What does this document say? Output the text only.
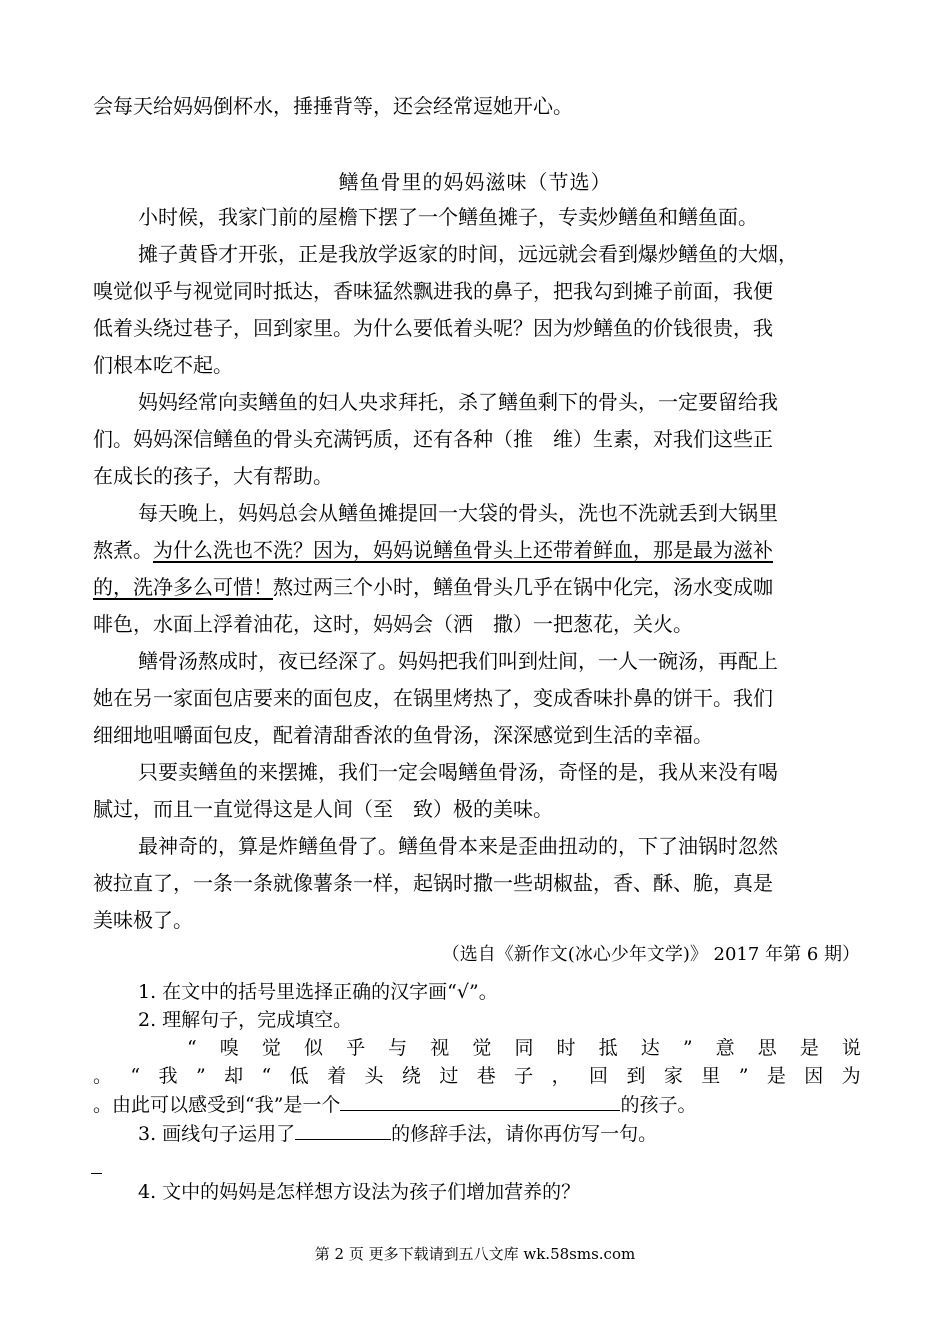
会每天给妈妈倒杯水，捶捶背等，还会经常逗她开心。

鳝鱼骨里的妈妈滋味（节选）

小时候，我家门前的屋檐下摆了一个鳝鱼摊子，专卖炒鳝鱼和鳝鱼面。

摊子黄昏才开张，正是我放学返家的时间，远远就会看到爆炒鳝鱼的大烟，

嗅觉似乎与视觉同时抵达，香味猛然飘进我的鼻子，把我勾到摊子前面，我便

低着头绕过巷子，回到家里。为什么要低着头呢？因为炒鳝鱼的价钱很贵，我

们根本吃不起。

妈妈经常向卖鳝鱼的妇人央求拜托，杀了鳝鱼剩下的骨头，一定要留给我

们。妈妈深信鳝鱼的骨头充满钙质，还有各种（推　维）生素，对我们这些正

在成长的孩子，大有帮助。

每天晚上，妈妈总会从鳝鱼摊提回一大袋的骨头，洗也不洗就丢到大锅里

熬煮。为什么洗也不洗？因为，妈妈说鳝鱼骨头上还带着鲜血，那是最为滋补

的，洗净多么可惜！熬过两三个小时，鳝鱼骨头几乎在锅中化完，汤水变成咖

啡色，水面上浮着油花，这时，妈妈会（洒　撒）一把葱花，关火。

鳝骨汤熬成时，夜已经深了。妈妈把我们叫到灶间，一人一碗汤，再配上

她在另一家面包店要来的面包皮，在锅里烤热了，变成香味扑鼻的饼干。我们

细细地咀嚼面包皮，配着清甜香浓的鱼骨汤，深深感觉到生活的幸福。

只要卖鳝鱼的来摆摊，我们一定会喝鳝鱼骨汤，奇怪的是，我从来没有喝

腻过，而且一直觉得这是人间（至　致）极的美味。

最神奇的，算是炸鳝鱼骨了。鳝鱼骨本来是歪曲扭动的，下了油锅时忽然

被拉直了，一条一条就像薯条一样，起锅时撒一些胡椒盐，香、酥、脆，真是

美味极了。

（选自《新作文(冰心少年文学)》 2017 年第 6 期）
1. 在文中的括号里选择正确的汉字画“√”。
2. 理解句子，完成填空。
“ 嗅 觉 似 乎 与 视 觉 同 时 抵 达 ” 意 思 是 说
。 “ 我 ” 却 “ 低 着 头 绕 过 巷 子 ， 回 到 家 里 ” 是 因 为
。由此可以感受到“我”是一个	的孩子。
3. 画线句子运用了	的修辞手法，请你再仿写一句。
4. 文中的妈妈是怎样想方设法为孩子们增加营养的？
第 2 页 更多下载请到五八文库 wk.58sms.com
